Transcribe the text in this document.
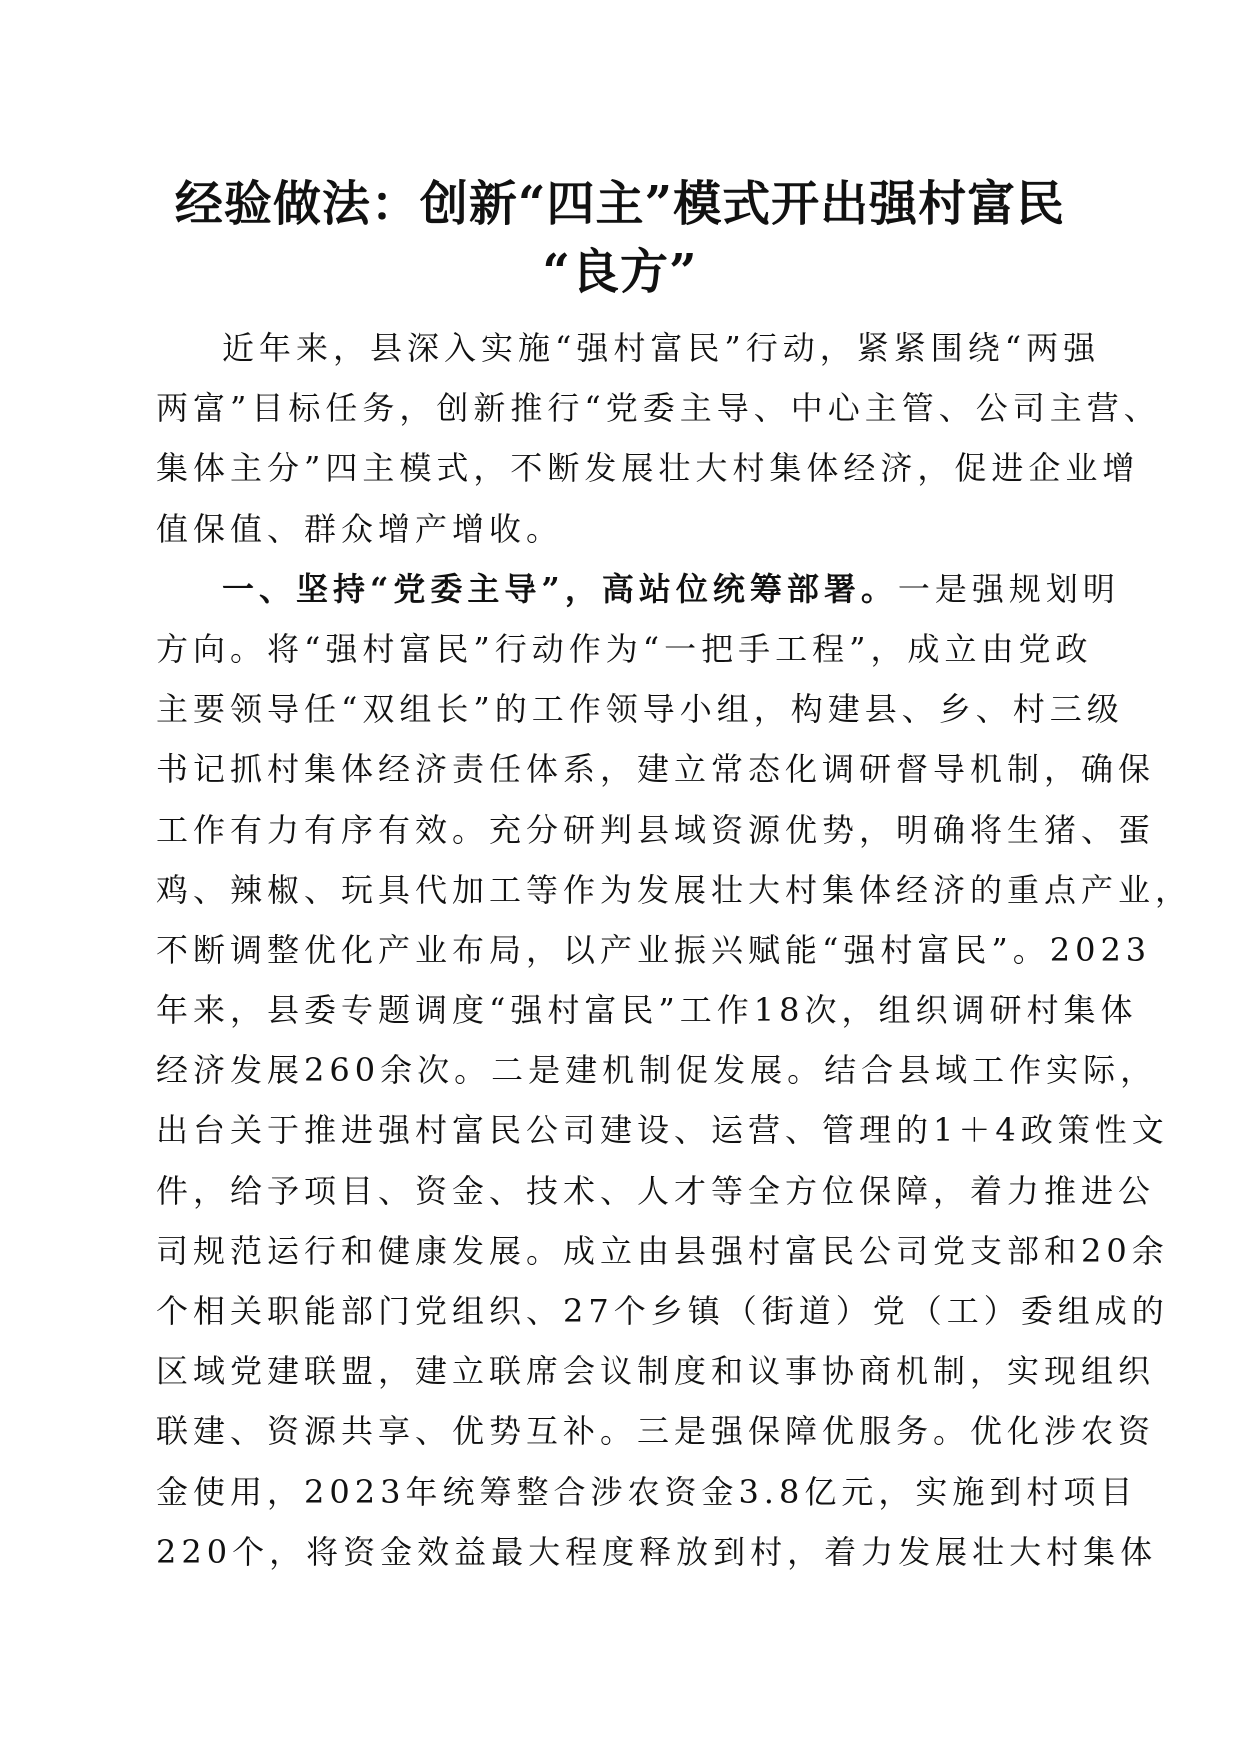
经验做法：创新“四主”模式开出强村富民
“良方”
近年来，县深入实施“强村富民”行动，紧紧围绕“两强
两富”目标任务，创新推行“党委主导、中心主管、公司主营、
集体主分”四主模式，不断发展壮大村集体经济，促进企业增
值保值、群众增产增收。
一、坚持“党委主导”，高站位统筹部署。一是强规划明
方向。将“强村富民”行动作为“一把手工程”，成立由党政
主要领导任“双组长”的工作领导小组，构建县、乡、村三级
书记抓村集体经济责任体系，建立常态化调研督导机制，确保
工作有力有序有效。充分研判县域资源优势，明确将生猪、蛋
鸡、辣椒、玩具代加工等作为发展壮大村集体经济的重点产业，
不断调整优化产业布局，以产业振兴赋能“强村富民”。2023
年来，县委专题调度“强村富民”工作18次，组织调研村集体
经济发展260余次。二是建机制促发展。结合县域工作实际，
出台关于推进强村富民公司建设、运营、管理的1＋4政策性文
件，给予项目、资金、技术、人才等全方位保障，着力推进公
司规范运行和健康发展。成立由县强村富民公司党支部和20余
个相关职能部门党组织、27个乡镇（街道）党（工）委组成的
区域党建联盟，建立联席会议制度和议事协商机制，实现组织
联建、资源共享、优势互补。三是强保障优服务。优化涉农资
金使用，2023年统筹整合涉农资金3.8亿元，实施到村项目
220个，将资金效益最大程度释放到村，着力发展壮大村集体
